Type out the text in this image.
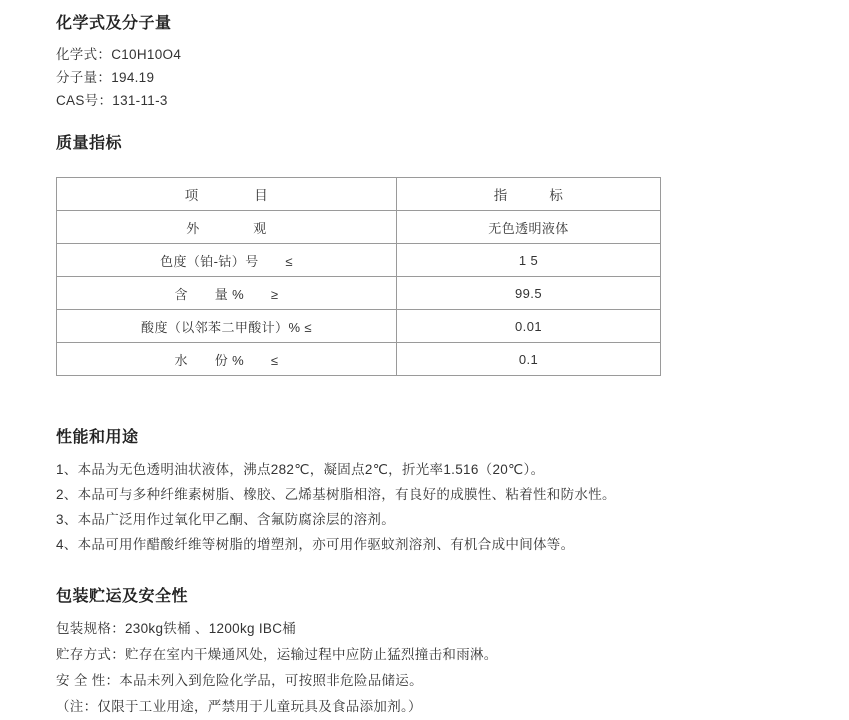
化学式及分子量

化学式：C10H10O4

分子量：194.19

CAS号：131-11-3

质量指标
项　　　　目	指　　　标
外　　　　观	无色透明液体
色度（铂-钴）号　　≤	1 5
含　　量 %　　≥	99.5
酸度（以邻苯二甲酸计）% ≤	0.01
水　　份 %　　≤	0.1
性能和用途

1、本品为无色透明油状液体，沸点282℃，凝固点2℃，折光率1.516（20℃）。

2、本品可与多种纤维素树脂、橡胶、乙烯基树脂相溶，有良好的成膜性、粘着性和防水性。

3、本品广泛用作过氧化甲乙酮、含氟防腐涂层的溶剂。

4、本品可用作醋酸纤维等树脂的增塑剂，亦可用作驱蚊剂溶剂、有机合成中间体等。

包装贮运及安全性

包装规格：230kg铁桶 、1200kg IBC桶

贮存方式：贮存在室内干燥通风处，运输过程中应防止猛烈撞击和雨淋。

安 全 性：本品未列入到危险化学品，可按照非危险品储运。

（注：仅限于工业用途，严禁用于儿童玩具及食品添加剂。）
